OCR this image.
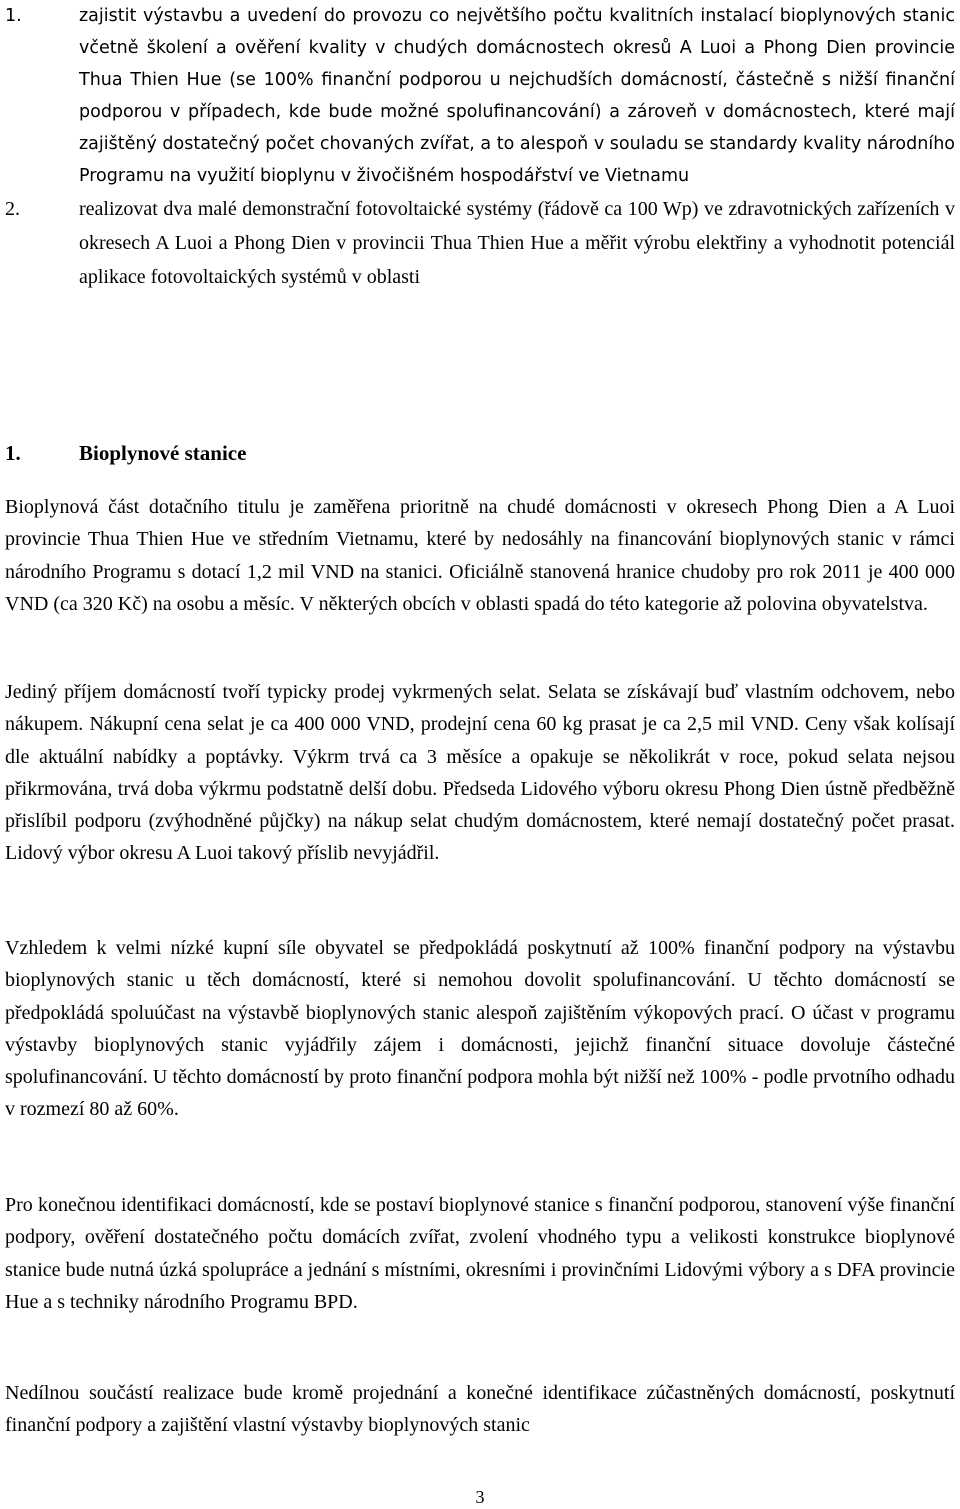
1.	zajistit výstavbu a uvedení do provozu co největšího počtu kvalitních instalací bioplynových stanic včetně školení a ověření kvality v chudých domácnostech okresů A Luoi a Phong Dien provincie Thua Thien Hue (se 100% finanční podporou u nejchudších domácností, částečně s nižší finanční podporou v případech, kde bude možné spolufinancování) a zároveň v domácnostech, které mají zajištěný dostatečný počet chovaných zvířat, a to alespoň v souladu se standardy kvality národního Programu na využití bioplynu v živočišném hospodářství ve Vietnamu
2.	realizovat dva malé demonstrační fotovoltaické systémy (řádově ca 100 Wp) ve zdravotnických zařízeních v okresech A Luoi a Phong Dien v provincii Thua Thien Hue a měřit výrobu elektřiny a vyhodnotit potenciál aplikace fotovoltaických systémů v oblasti
1.	Bioplynové stanice

Bioplynová část dotačního titulu je zaměřena prioritně na chudé domácnosti v okresech Phong Dien a A Luoi provincie Thua Thien Hue ve středním Vietnamu, které by nedosáhly na financování bioplynových stanic v rámci národního Programu s dotací 1,2 mil VND na stanici. Oficiálně stanovená hranice chudoby pro rok 2011 je 400 000 VND (ca 320 Kč) na osobu a měsíc. V některých obcích v oblasti spadá do této kategorie až polovina obyvatelstva.

Jediný příjem domácností tvoří typicky prodej vykrmených selat. Selata se získávají buď vlastním odchovem, nebo nákupem. Nákupní cena selat je ca 400 000 VND, prodejní cena 60 kg prasat je ca 2,5 mil VND. Ceny však kolísají dle aktuální nabídky a poptávky. Výkrm trvá ca 3 měsíce a opakuje se několikrát v roce, pokud selata nejsou přikrmována, trvá doba výkrmu podstatně delší dobu. Předseda Lidového výboru okresu Phong Dien ústně předběžně přislíbil podporu (zvýhodněné půjčky) na nákup selat chudým domácnostem, které nemají dostatečný počet prasat. Lidový výbor okresu A Luoi takový příslib nevyjádřil.

Vzhledem k velmi nízké kupní síle obyvatel se předpokládá poskytnutí až 100% finanční podpory na výstavbu bioplynových stanic u těch domácností, které si nemohou dovolit spolufinancování. U těchto domácností se předpokládá spoluúčast na výstavbě bioplynových stanic alespoň zajištěním výkopových prací. O účast v programu výstavby bioplynových stanic vyjádřily zájem i domácnosti, jejichž finanční situace dovoluje částečné spolufinancování. U těchto domácností by proto finanční podpora mohla být nižší než 100% - podle prvotního odhadu v rozmezí 80 až 60%.

Pro konečnou identifikaci domácností, kde se postaví bioplynové stanice s finanční podporou, stanovení výše finanční podpory, ověření dostatečného počtu domácích zvířat, zvolení vhodného typu a velikosti konstrukce bioplynové stanice bude nutná úzká spolupráce a jednání s místními, okresními i provinčními Lidovými výbory a s DFA provincie Hue a s techniky národního Programu BPD.

Nedílnou součástí realizace bude kromě projednání a konečné identifikace zúčastněných domácností, poskytnutí finanční podpory a zajištění vlastní výstavby bioplynových stanic

3
